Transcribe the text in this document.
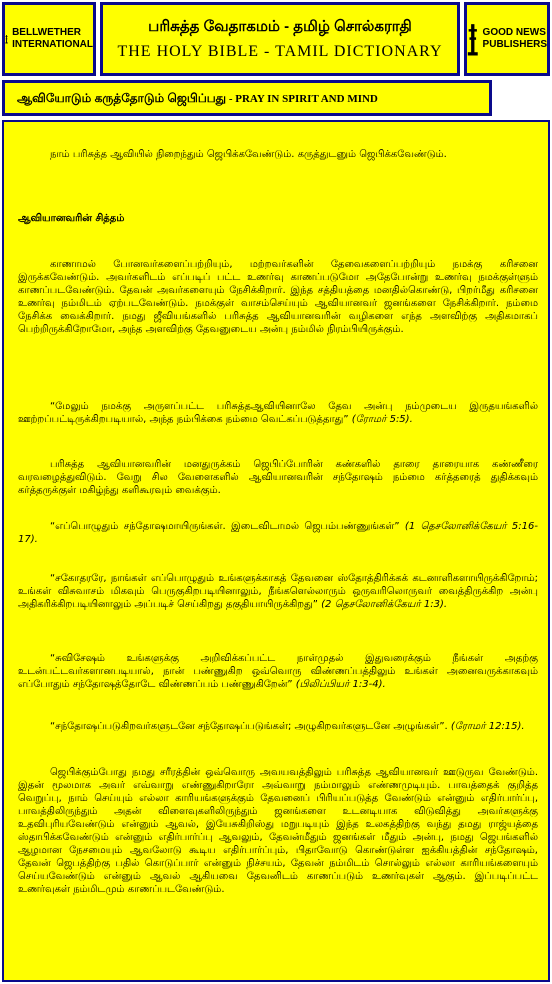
BELLWETHER
INTERNATIONAL
பரிசுத்த வேதாகமம் - தமிழ் சொல்கராதி
THE HOLY BIBLE - TAMIL DICTIONARY
GOOD NEWS
PUBLISHERS
ஆவியோடும் கருத்தோடும் ஜெபிப்பது - PRAY IN SPIRIT AND MIND
நாம் பரிசுத்த ஆவியில் நிறைந்தும் ஜெபிக்கவேண்டும். கருத்துடனும் ஜெபிக்கவேண்டும்.
ஆவியானவரின் சித்தம்
காணாமல் போனவர்களைப்பற்றியும், மற்றவர்களின் தேவைகளைப்பற்றியும் நமக்கு கரிசனை இருக்கவேண்டும். அவர்களிடம் எப்படிப் பட்ட உணர்வு காணப்படுமோ அதேபோன்று உணர்வு நமக்குள்ளும் காணப்படவேண்டும். தேவன் அவர்களையும் நேசிக்கிறார். இந்த சத்தியத்தை மனதில்கொண்டு, பிறர்மீது கரிசனை உணர்வு நம்மிடம் ஏற்படவேண்டும். நமக்குள் வாசம்செய்யும் ஆவியானவர் ஜனங்களை நேசிக்கிறார். நம்மை நேசிக்க வைக்கிறார். நமது ஜீவியங்களில் பரிசுத்த ஆவியானவரின் வழிகளை எந்த அளவிற்கு அதிகமாகப் பெற்றிருக்கிறோமோ, அந்த அளவிற்கு தேவனுடைய அன்பு நம்மில் நிரம்பியிருக்கும்.
“மேலும் நமக்கு அருளப்பட்ட பரிசுத்தஆவியினாலே தேவ அன்பு நம்முடைய இருதயங்களில் ஊற்றப்பட்டிருக்கிறபடியால், அந்த நம்பிக்கை நம்மை வெட்கப்படுத்தாது” (ரோமர் 5:5).
பரிசுத்த ஆவியானவரின் மனதுருக்கம் ஜெபிப்போரின் கண்களில் தாரை தாரையாக கண்ணீரை வரவழைத்துவிடும். வேறு சில வேளைகளில் ஆவியானவரின் சந்தோஷம் நம்மை கர்த்தரைத் துதிக்கவும் கர்த்தருக்குள் மகிழ்ந்து களிகூரவும் வைக்கும்.
“எப்பொழுதும் சந்தோஷமாயிருங்கள். இடைவிடாமல் ஜெபம்பண்ணுங்கள்” (1 தெசலோனிக்கேயர் 5:16-17).
“சகோதரரே, நாங்கள் எப்பொழுதும் உங்களுக்காகத் தேவனை ஸ்தோத்திரிக்கக் கடனாளிகளாயிருக்கிறோம்; உங்கள் விசுவாசம் மிகவும் பெருகுகிறபடியினாலும், நீங்களெல்லாரும் ஒருவரிலொருவர் வைத்திருக்கிற அன்பு அதிகரிக்கிறபடியினாலும் அப்படிச் செய்கிறது தகுதியாயிருக்கிறது” (2 தெசலோனிக்கேயர் 1:3).
“சுவிசேஷம் உங்களுக்கு அறிவிக்கப்பட்ட நாள்முதல் இதுவரைக்கும் நீங்கள் அதற்கு உடன்பட்டவர்களானபடியால், நான் பண்ணுகிற ஒவ்வொரு விண்ணப்பத்திலும் உங்கள் அனைவருக்காகவும் எப்போதும் சந்தோஷத்தோடே விண்ணப்பம் பண்ணுகிறேன்” (பிலிப்பியர் 1:3-4).
“சந்தோஷப்படுகிறவர்களுடனே சந்தோஷப்படுங்கள்; அழுகிறவர்களுடனே அழுங்கள்”. (ரோமர் 12:15).
ஜெபிக்கும்போது நமது சரீரத்தின் ஒவ்வொரு அவயவத்திலும் பரிசுத்த ஆவியானவர் ஊடுருவ வேண்டும். இதன் மூலமாக அவர் எவ்வாறு எண்ணுகிறாரோ அவ்வாறு நம்மாலும் எண்ணமுடியும். பாவத்தைக் குறித்த வெறுப்பு, நாம் செய்யும் எல்லா காரியங்களுக்கும் தேவனைப் பிரியப்படுத்த வேண்டும் என்னும் எதிர்பார்ப்பு, பாவத்திலிருந்தும் அதன் விளைவுகளிலிருந்தும் ஜனங்களை உடனடியாக விடுவித்து அவர்களுக்கு உதவிபுரியவேண்டும் என்னும் ஆவல், இயேசுகிறிஸ்து மறுபடியும் இந்த உலகத்திற்கு வந்து தமது ராஜ்யத்தை ஸ்தாபிக்கவேண்டும் என்னும் எதிர்பார்ப்பு ஆவலும், தேவன்மீதும் ஜனங்கள் மீதும் அன்பு, நமது ஜெபங்களில் ஆழமான நேசமையும் ஆவலோடு கூடிய எதிர்பார்ப்பும், பிதாவோடு கொண்டுள்ள ஐக்கியத்தின் சந்தோஷம், தேவன் ஜெபத்திற்கு பதில் கொடுப்பார் என்னும் நிச்சயம், தேவன் நம்மிடம் சொல்லும் எல்லா காரியங்களையும் செய்யவேண்டும் என்னும் ஆவல் ஆகியவை தேவனிடம் காணப்படும் உணர்வுகள் ஆகும். இப்படிப்பட்ட உணர்வுகள் நம்மிடமும் காணப்படவேண்டும்.
